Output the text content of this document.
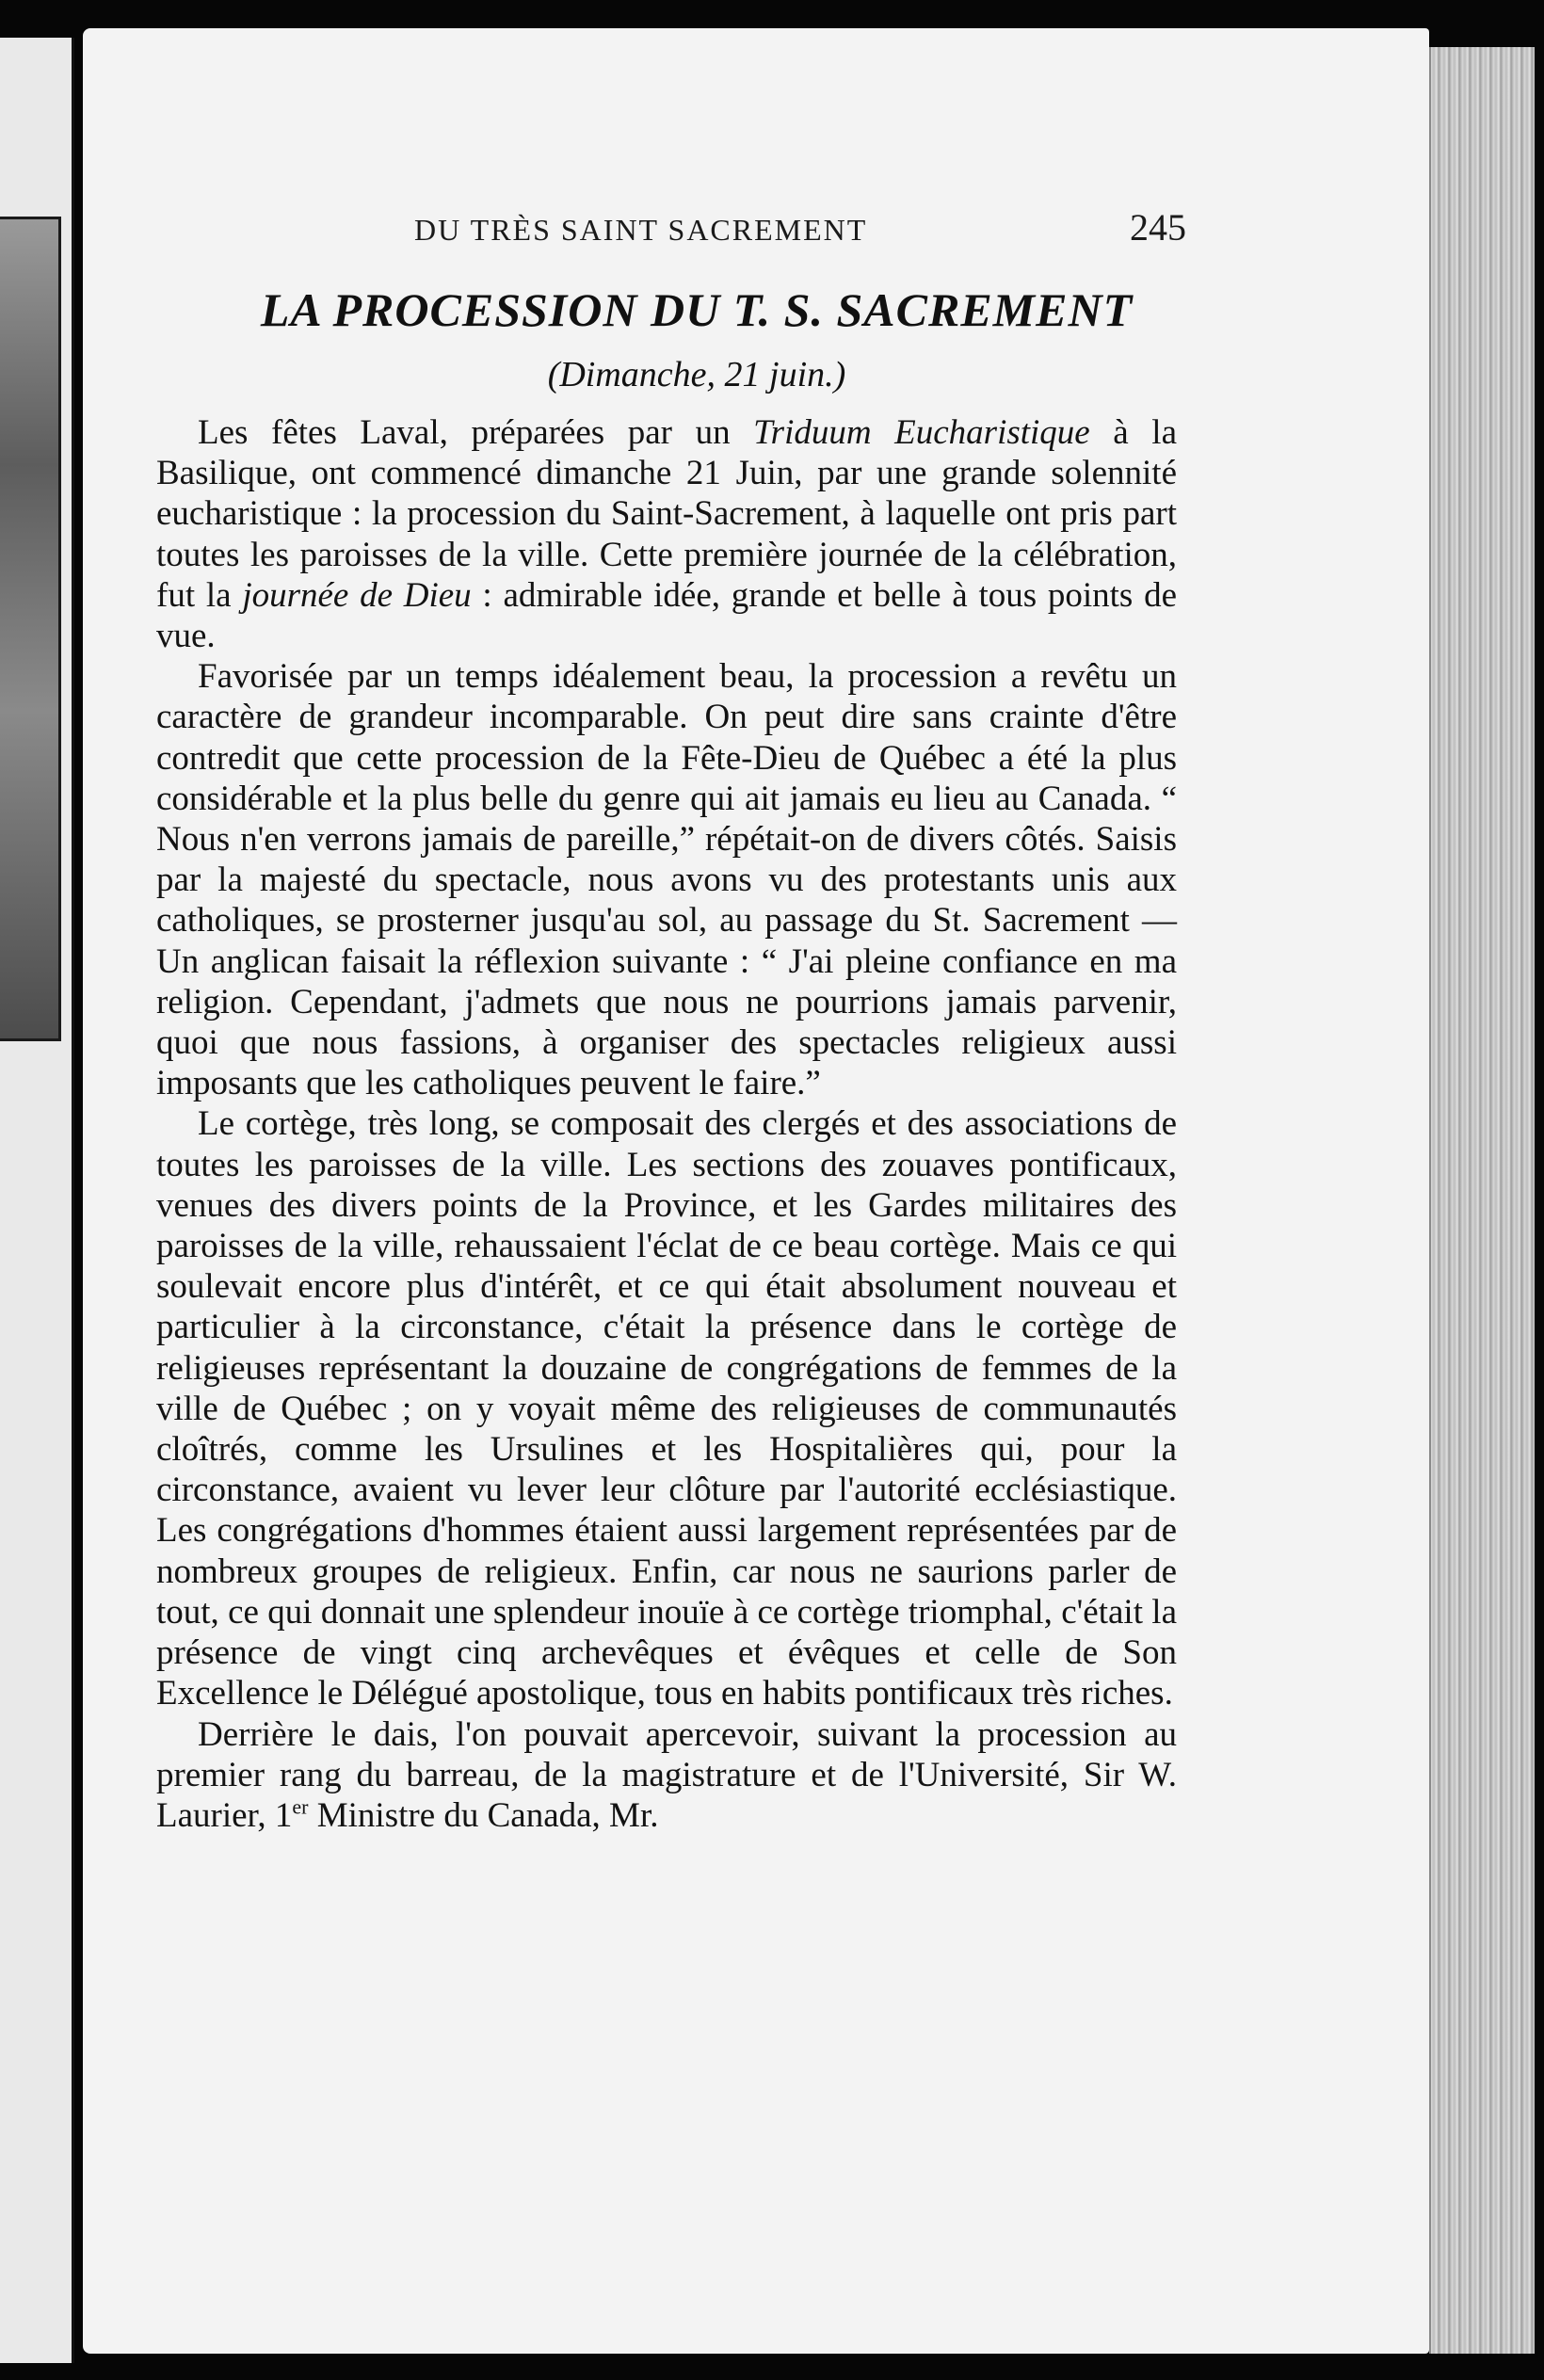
DU TRÈS SAINT SACREMENT	245
LA PROCESSION DU T. S. SACREMENT
(Dimanche, 21 juin.)

Les fêtes Laval, préparées par un Triduum Eucharistique à la Basilique, ont commencé dimanche 21 Juin, par une grande solennité eucharistique : la procession du Saint-Sacrement, à laquelle ont pris part toutes les paroisses de la ville. Cette première journée de la célébration, fut la journée de Dieu : admirable idée, grande et belle à tous points de vue.

Favorisée par un temps idéalement beau, la procession a revêtu un caractère de grandeur incomparable. On peut dire sans crainte d'être contredit que cette procession de la Fête-Dieu de Québec a été la plus considérable et la plus belle du genre qui ait jamais eu lieu au Canada. “ Nous n'en verrons jamais de pareille,” répétait-on de divers côtés. Saisis par la majesté du spectacle, nous avons vu des protestants unis aux catholiques, se prosterner jusqu'au sol, au passage du St. Sacrement — Un anglican faisait la réflexion suivante : “ J'ai pleine confiance en ma religion. Cependant, j'admets que nous ne pourrions jamais parvenir, quoi que nous fassions, à organiser des spectacles religieux aussi imposants que les catholiques peuvent le faire.”

Le cortège, très long, se composait des clergés et des associations de toutes les paroisses de la ville. Les sections des zouaves pontificaux, venues des divers points de la Province, et les Gardes militaires des paroisses de la ville, rehaussaient l'éclat de ce beau cortège. Mais ce qui soulevait encore plus d'intérêt, et ce qui était absolument nouveau et particulier à la circonstance, c'était la présence dans le cortège de religieuses représentant la douzaine de congrégations de femmes de la ville de Québec ; on y voyait même des religieuses de communautés cloîtrés, comme les Ursulines et les Hospitalières qui, pour la circonstance, avaient vu lever leur clôture par l'autorité ecclésiastique. Les congrégations d'hommes étaient aussi largement représentées par de nombreux groupes de religieux. Enfin, car nous ne saurions parler de tout, ce qui donnait une splendeur inouïe à ce cortège triomphal, c'était la présence de vingt cinq archevêques et évêques et celle de Son Excellence le Délégué apostolique, tous en habits pontificaux très riches.

Derrière le dais, l'on pouvait apercevoir, suivant la procession au premier rang du barreau, de la magistrature et de l'Université, Sir W. Laurier, 1er Ministre du Canada, Mr.
